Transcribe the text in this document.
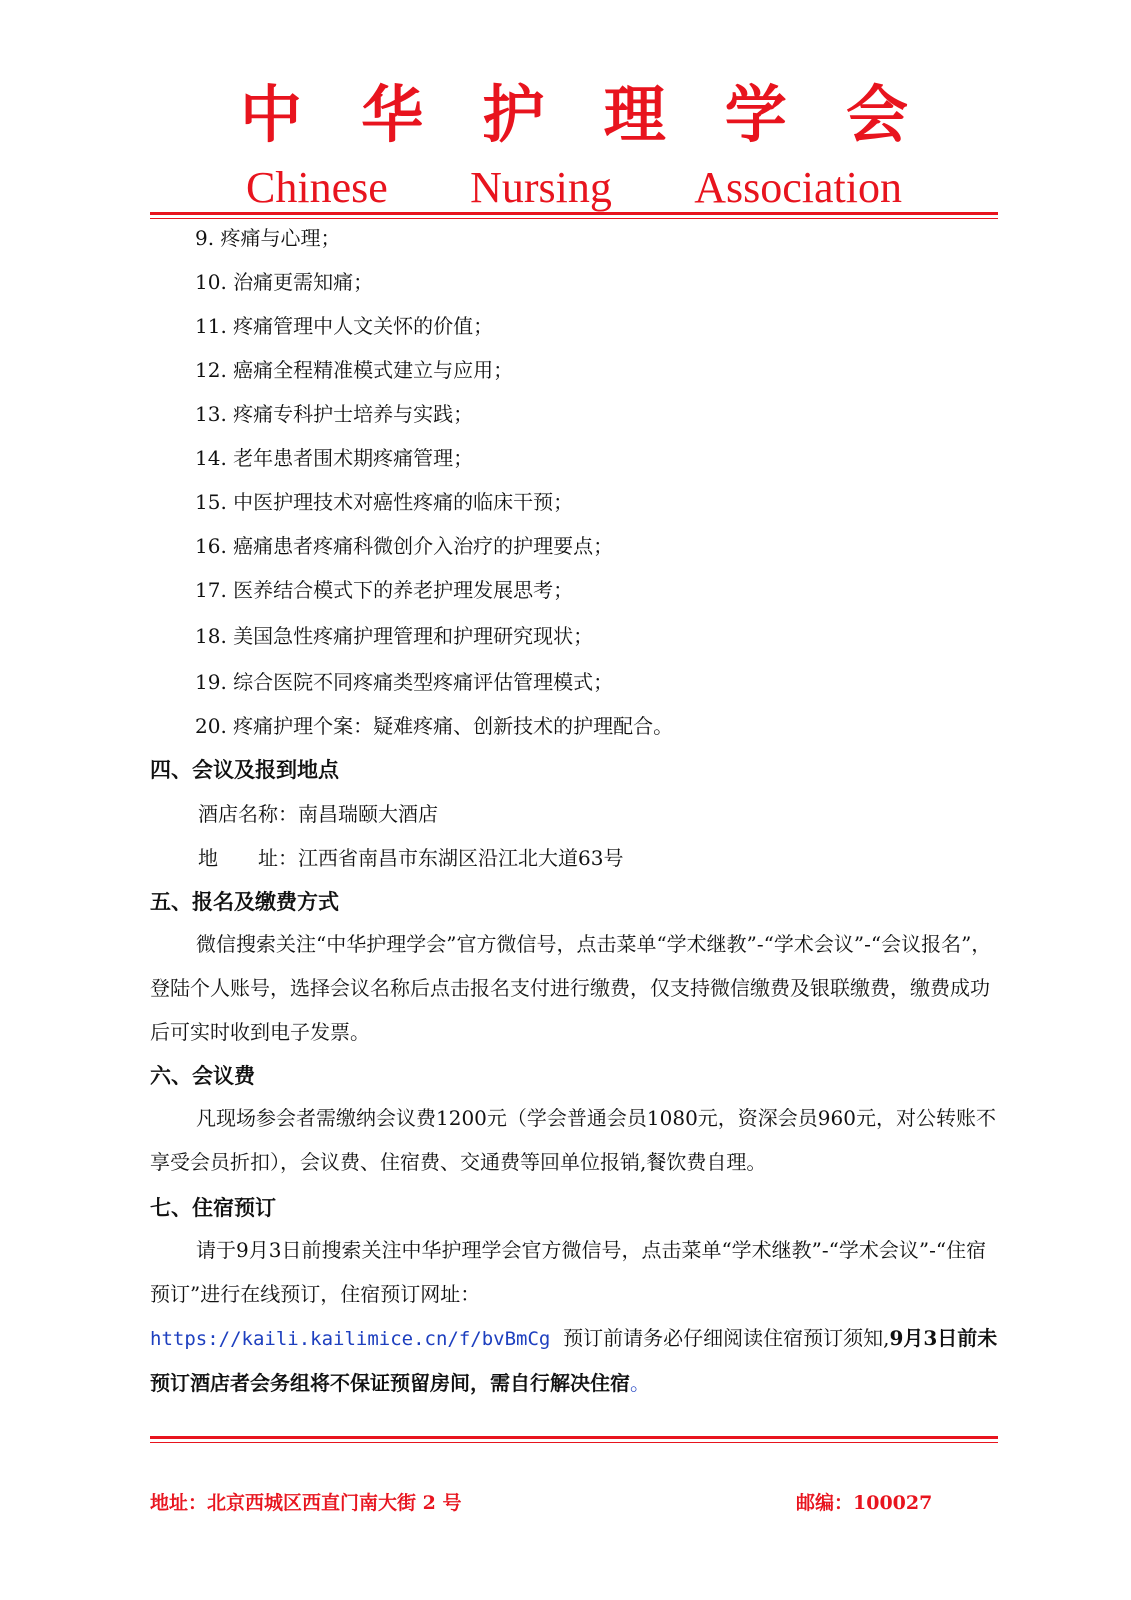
中 华 护 理 学 会
Chinese Nursing Association
9. 疼痛与心理；
10. 治痛更需知痛；
11. 疼痛管理中人文关怀的价值；
12. 癌痛全程精准模式建立与应用；
13. 疼痛专科护士培养与实践；
14. 老年患者围术期疼痛管理；
15. 中医护理技术对癌性疼痛的临床干预；
16. 癌痛患者疼痛科微创介入治疗的护理要点；
17. 医养结合模式下的养老护理发展思考；
18. 美国急性疼痛护理管理和护理研究现状；
19. 综合医院不同疼痛类型疼痛评估管理模式；
20. 疼痛护理个案：疑难疼痛、创新技术的护理配合。
四、会议及报到地点
酒店名称：南昌瑞颐大酒店
地 址：江西省南昌市东湖区沿江北大道63号
五、报名及缴费方式

微信搜索关注“中华护理学会”官方微信号，点击菜单“学术继教”-“学术会议”-“会议报名”，登陆个人账号，选择会议名称后点击报名支付进行缴费，仅支持微信缴费及银联缴费，缴费成功后可实时收到电子发票。

六、会议费

凡现场参会者需缴纳会议费1200元（学会普通会员1080元，资深会员960元，对公转账不享受会员折扣），会议费、住宿费、交通费等回单位报销,餐饮费自理。

七、住宿预订

请于9月3日前搜索关注中华护理学会官方微信号，点击菜单“学术继教”-“学术会议”-“住宿预订”进行在线预订，住宿预订网址：
https://kaili.kailimice.cn/f/bvBmCg  预订前请务必仔细阅读住宿预订须知,9月3日前未预订酒店者会务组将不保证预留房间，需自行解决住宿。

地址：北京西城区西直门南大街 2 号	邮编：100027
